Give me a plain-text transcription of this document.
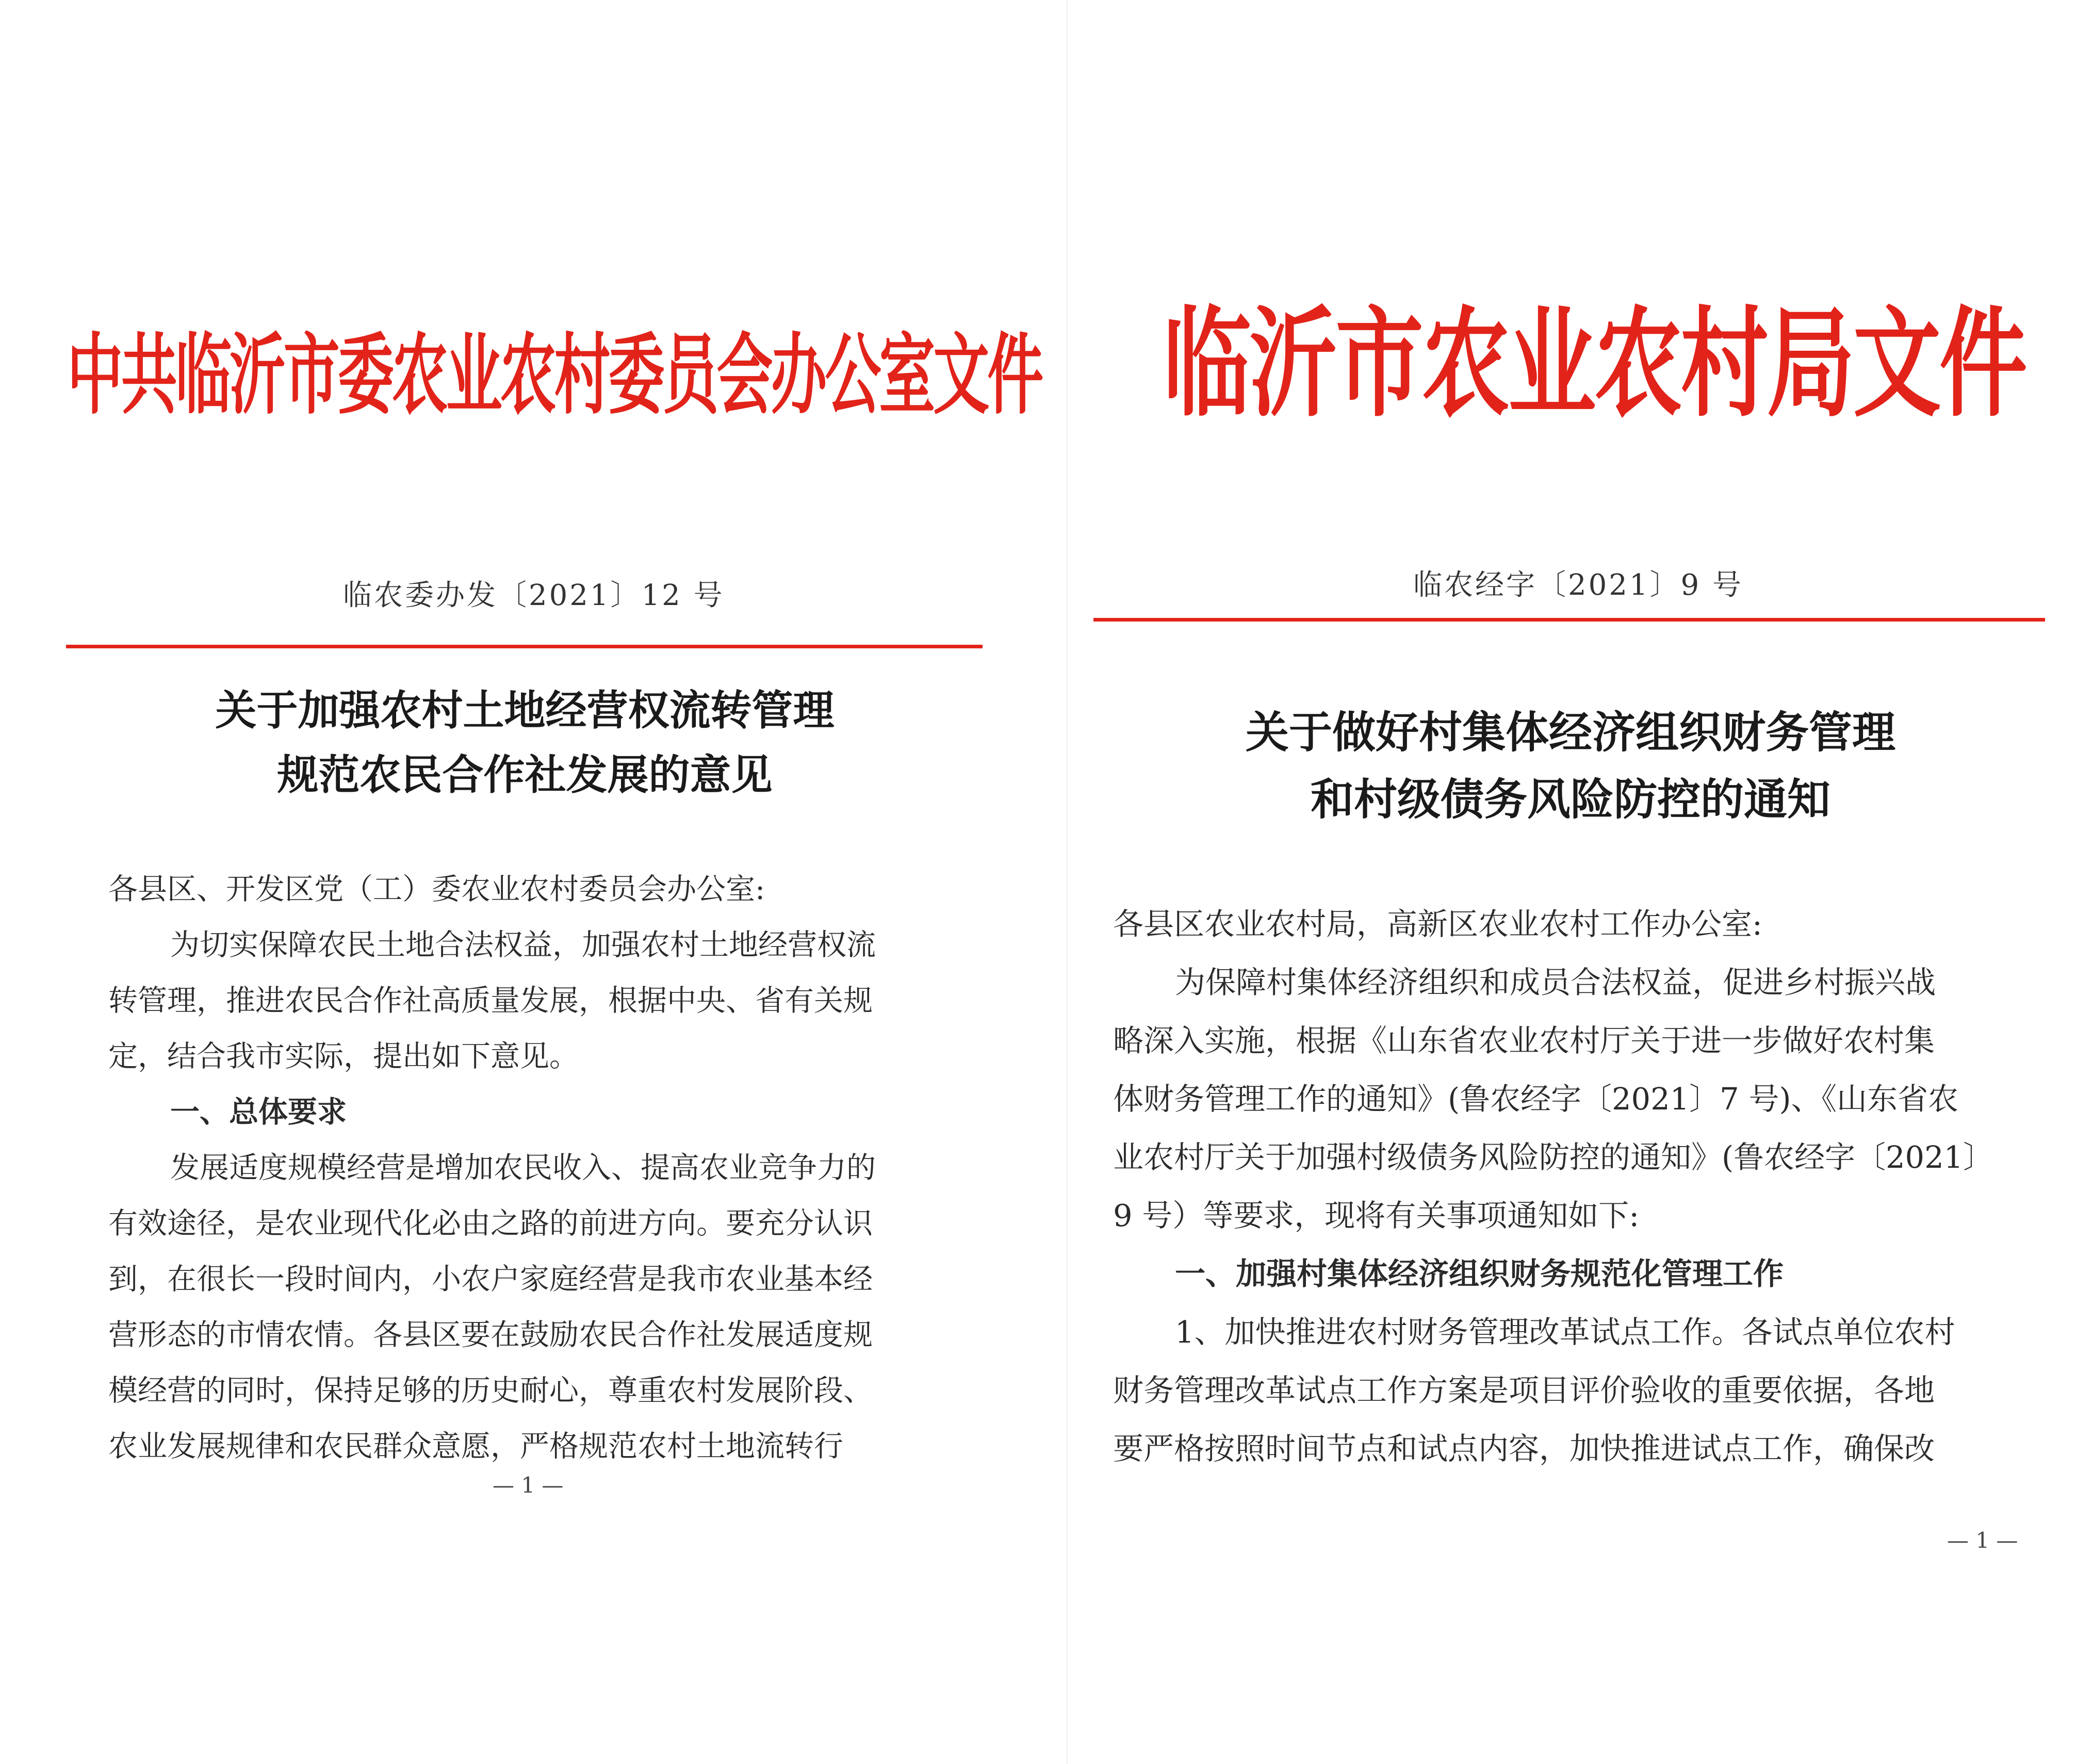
中共临沂市委农业农村委员会办公室文件
临农委办发〔2021〕12 号
关于加强农村土地经营权流转管理
规范农民合作社发展的意见

各县区、开发区党（工）委农业农村委员会办公室:

为切实保障农民土地合法权益，加强农村土地经营权流

转管理，推进农民合作社高质量发展，根据中央、省有关规

定，结合我市实际，提出如下意见。

一、总体要求

发展适度规模经营是增加农民收入、提高农业竞争力的

有效途径，是农业现代化必由之路的前进方向。要充分认识

到，在很长一段时间内，小农户家庭经营是我市农业基本经

营形态的市情农情。各县区要在鼓励农民合作社发展适度规

模经营的同时，保持足够的历史耐心，尊重农村发展阶段、

农业发展规律和农民群众意愿，严格规范农村土地流转行

— 1 —
临沂市农业农村局文件
临农经字〔2021〕9 号
关于做好村集体经济组织财务管理
和村级债务风险防控的通知

各县区农业农村局，高新区农业农村工作办公室:

为保障村集体经济组织和成员合法权益，促进乡村振兴战

略深入实施，根据《山东省农业农村厅关于进一步做好农村集

体财务管理工作的通知》(鲁农经字〔2021〕7 号)、《山东省农

业农村厅关于加强村级债务风险防控的通知》(鲁农经字〔2021〕

9 号）等要求，现将有关事项通知如下:

一、加强村集体经济组织财务规范化管理工作

1、加快推进农村财务管理改革试点工作。各试点单位农村

财务管理改革试点工作方案是项目评价验收的重要依据，各地

要严格按照时间节点和试点内容，加快推进试点工作，确保改

— 1 —
